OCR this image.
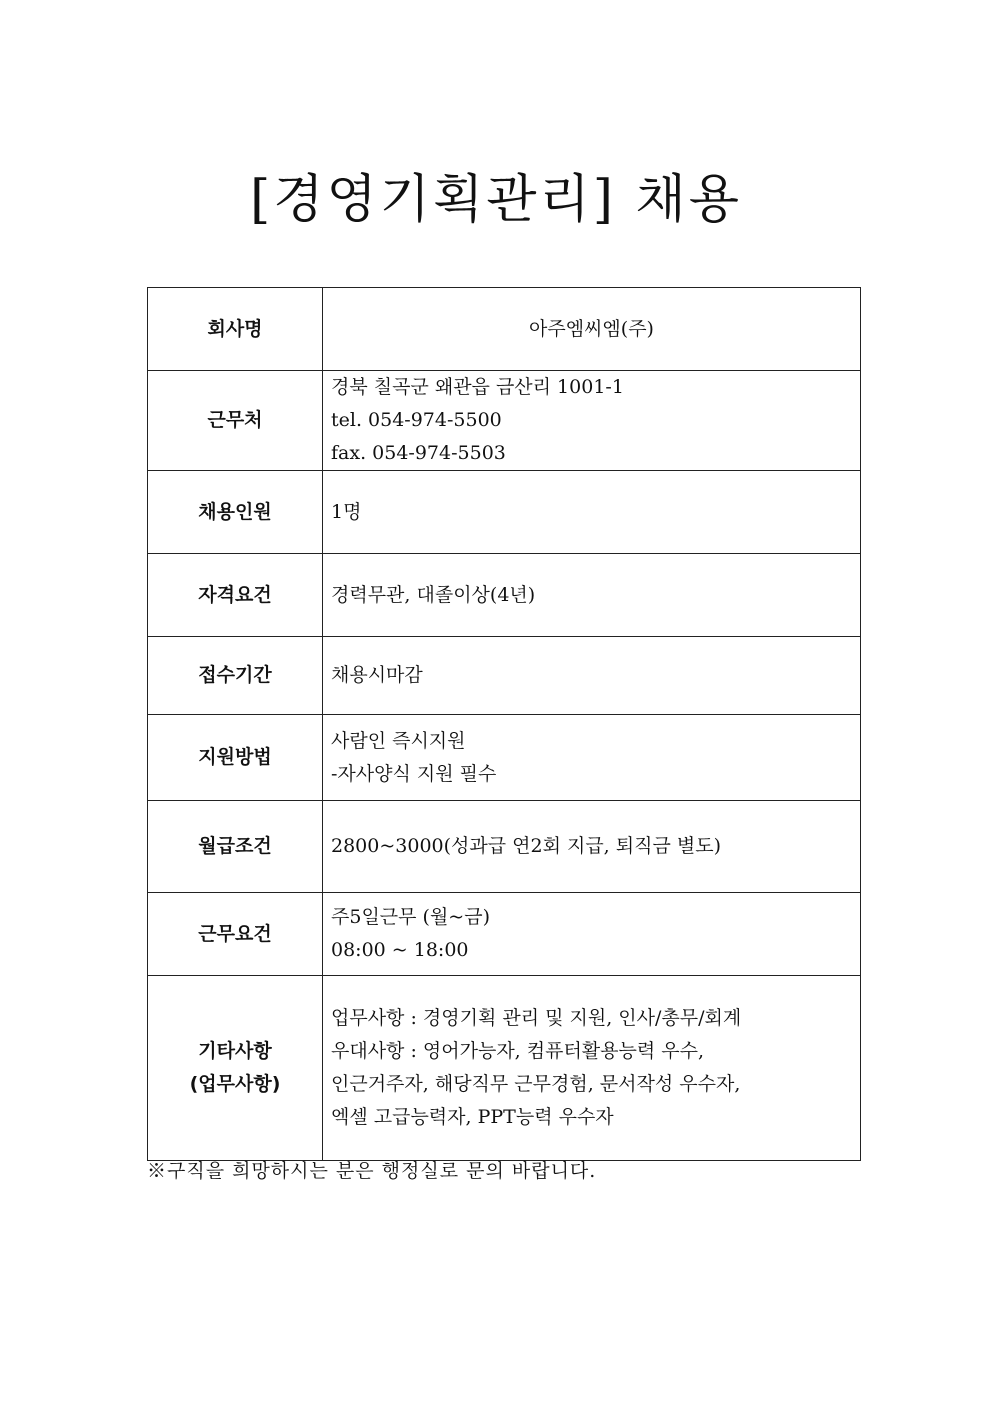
[경영기획관리] 채용
회사명	아주엠씨엠(주)
근무처	경북 칠곡군 왜관읍 금산리 1001-1
tel. 054-974-5500
fax. 054-974-5503

채용인원	1명
자격요건	경력무관, 대졸이상(4년)
접수기간	채용시마감
지원방법	사람인 즉시지원
-자사양식 지원 필수

월급조건	2800~3000(성과급 연2회 지급, 퇴직금 별도)
근무요건	주5일근무 (월~금)
08:00 ~ 18:00

기타사항
(업무사항)	업무사항 : 경영기획 관리 및 지원, 인사/총무/회계
우대사항 : 영어가능자, 컴퓨터활용능력 우수,
인근거주자, 해당직무 근무경험, 문서작성 우수자,
엑셀 고급능력자, PPT능력 우수자
※구직을 희망하시는 분은 행정실로 문의 바랍니다.
